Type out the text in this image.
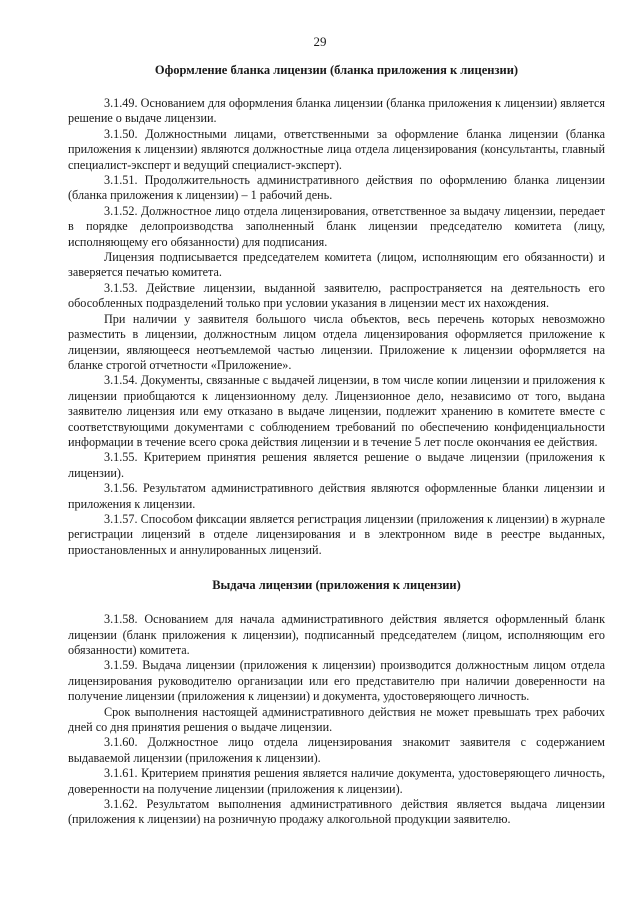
29
Оформление бланка лицензии (бланка приложения к лицензии)

3.1.49. Основанием для оформления бланка лицензии (бланка приложения к лицензии) является решение о выдаче лицензии.

3.1.50. Должностными лицами, ответственными за оформление бланка лицензии (бланка приложения к лицензии) являются должностные лица отдела лицензирования (консультанты, главный специалист-эксперт и ведущий специалист-эксперт).

3.1.51. Продолжительность административного действия по оформлению бланка лицензии (бланка приложения к лицензии) – 1 рабочий день.

3.1.52. Должностное лицо отдела лицензирования, ответственное за выдачу лицензии, передает в порядке делопроизводства заполненный бланк лицензии председателю комитета (лицу, исполняющему его обязанности) для подписания.

Лицензия подписывается председателем комитета (лицом, исполняющим его обязанности) и заверяется печатью комитета.

3.1.53. Действие лицензии, выданной заявителю, распространяется на деятельность его обособленных подразделений только при условии указания в лицензии мест их нахождения.

При наличии у заявителя большого числа объектов, весь перечень которых невозможно разместить в лицензии, должностным лицом отдела лицензирования оформляется приложение к лицензии, являющееся неотъемлемой частью лицензии. Приложение к лицензии оформляется на бланке строгой отчетности «Приложение».

3.1.54. Документы, связанные с выдачей лицензии, в том числе копии лицензии и приложения к лицензии приобщаются к лицензионному делу. Лицензионное дело, независимо от того, выдана заявителю лицензия или ему отказано в выдаче лицензии, подлежит хранению в комитете вместе с соответствующими документами с соблюдением требований по обеспечению конфиденциальности информации в течение всего срока действия лицензии и в течение 5 лет после окончания ее действия.

3.1.55. Критерием принятия решения является решение о выдаче лицензии (приложения к лицензии).

3.1.56. Результатом административного действия являются оформленные бланки лицензии и приложения к лицензии.

3.1.57. Способом фиксации является регистрация лицензии (приложения к лицензии) в журнале регистрации лицензий в отделе лицензирования и в электронном виде в реестре выданных, приостановленных и аннулированных лицензий.

Выдача лицензии (приложения к лицензии)

3.1.58. Основанием для начала административного действия является оформленный бланк лицензии (бланк приложения к лицензии), подписанный председателем (лицом, исполняющим его обязанности) комитета.

3.1.59. Выдача лицензии (приложения к лицензии) производится должностным лицом отдела лицензирования руководителю организации или его представителю при наличии доверенности на получение лицензии (приложения к лицензии) и документа, удостоверяющего личность.

Срок выполнения настоящей административного действия не может превышать трех рабочих дней со дня принятия решения о выдаче лицензии.

3.1.60. Должностное лицо отдела лицензирования знакомит заявителя с содержанием выдаваемой лицензии (приложения к лицензии).

3.1.61. Критерием принятия решения является наличие документа, удостоверяющего личность, доверенности на получение лицензии (приложения к лицензии).

3.1.62. Результатом выполнения административного действия является выдача лицензии (приложения к лицензии) на розничную продажу алкогольной продукции заявителю.
